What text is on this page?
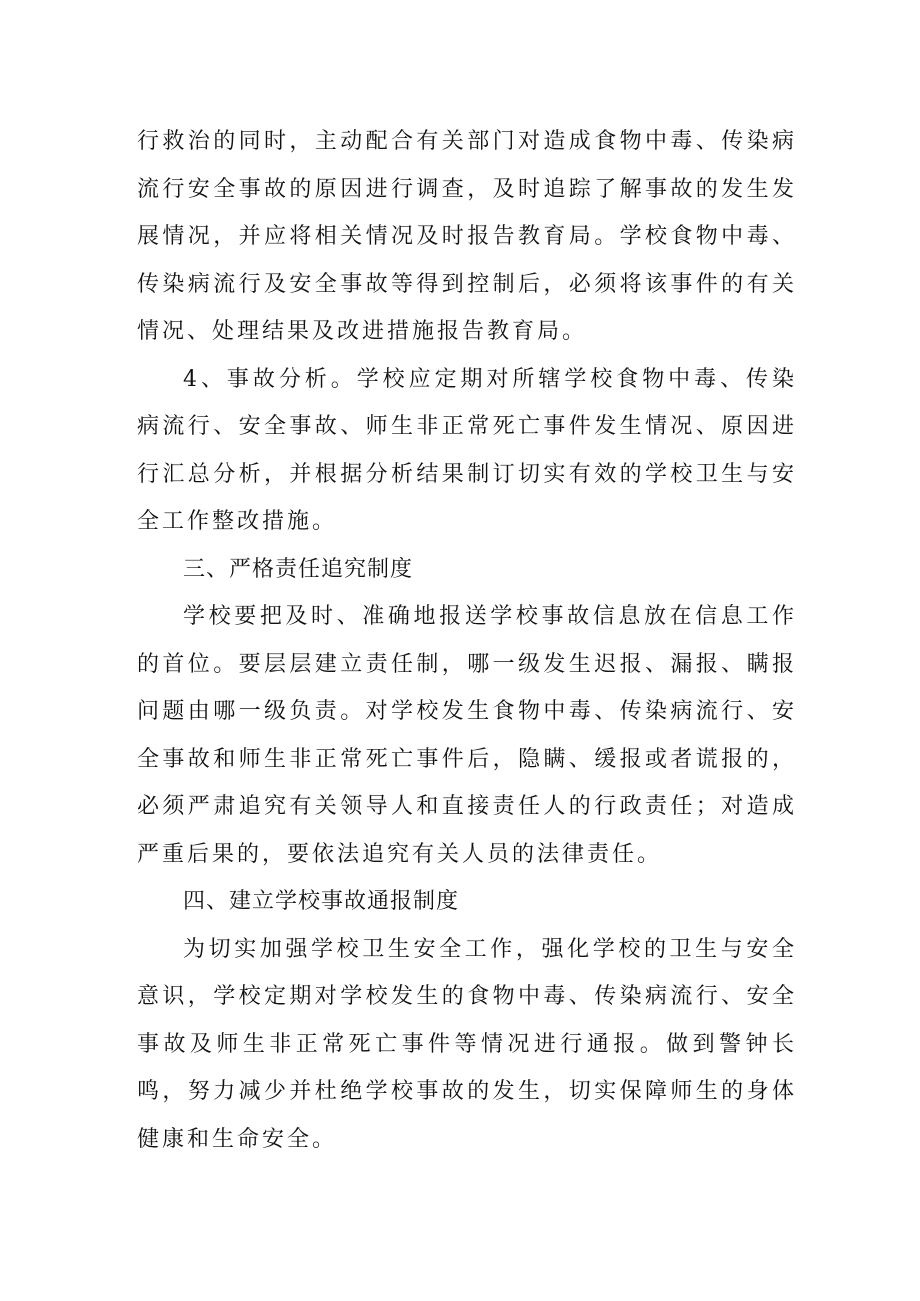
行救治的同时，主动配合有关部门对造成食物中毒、传染病流行安全事故的原因进行调查，及时追踪了解事故的发生发展情况，并应将相关情况及时报告教育局。学校食物中毒、传染病流行及安全事故等得到控制后，必须将该事件的有关情况、处理结果及改进措施报告教育局。

4、事故分析。学校应定期对所辖学校食物中毒、传染病流行、安全事故、师生非正常死亡事件发生情况、原因进行汇总分析，并根据分析结果制订切实有效的学校卫生与安全工作整改措施。

三、严格责任追究制度

学校要把及时、准确地报送学校事故信息放在信息工作的首位。要层层建立责任制，哪一级发生迟报、漏报、瞒报问题由哪一级负责。对学校发生食物中毒、传染病流行、安全事故和师生非正常死亡事件后，隐瞒、缓报或者谎报的，必须严肃追究有关领导人和直接责任人的行政责任；对造成严重后果的，要依法追究有关人员的法律责任。

四、建立学校事故通报制度

为切实加强学校卫生安全工作，强化学校的卫生与安全意识，学校定期对学校发生的食物中毒、传染病流行、安全事故及师生非正常死亡事件等情况进行通报。做到警钟长鸣，努力减少并杜绝学校事故的发生，切实保障师生的身体健康和生命安全。
